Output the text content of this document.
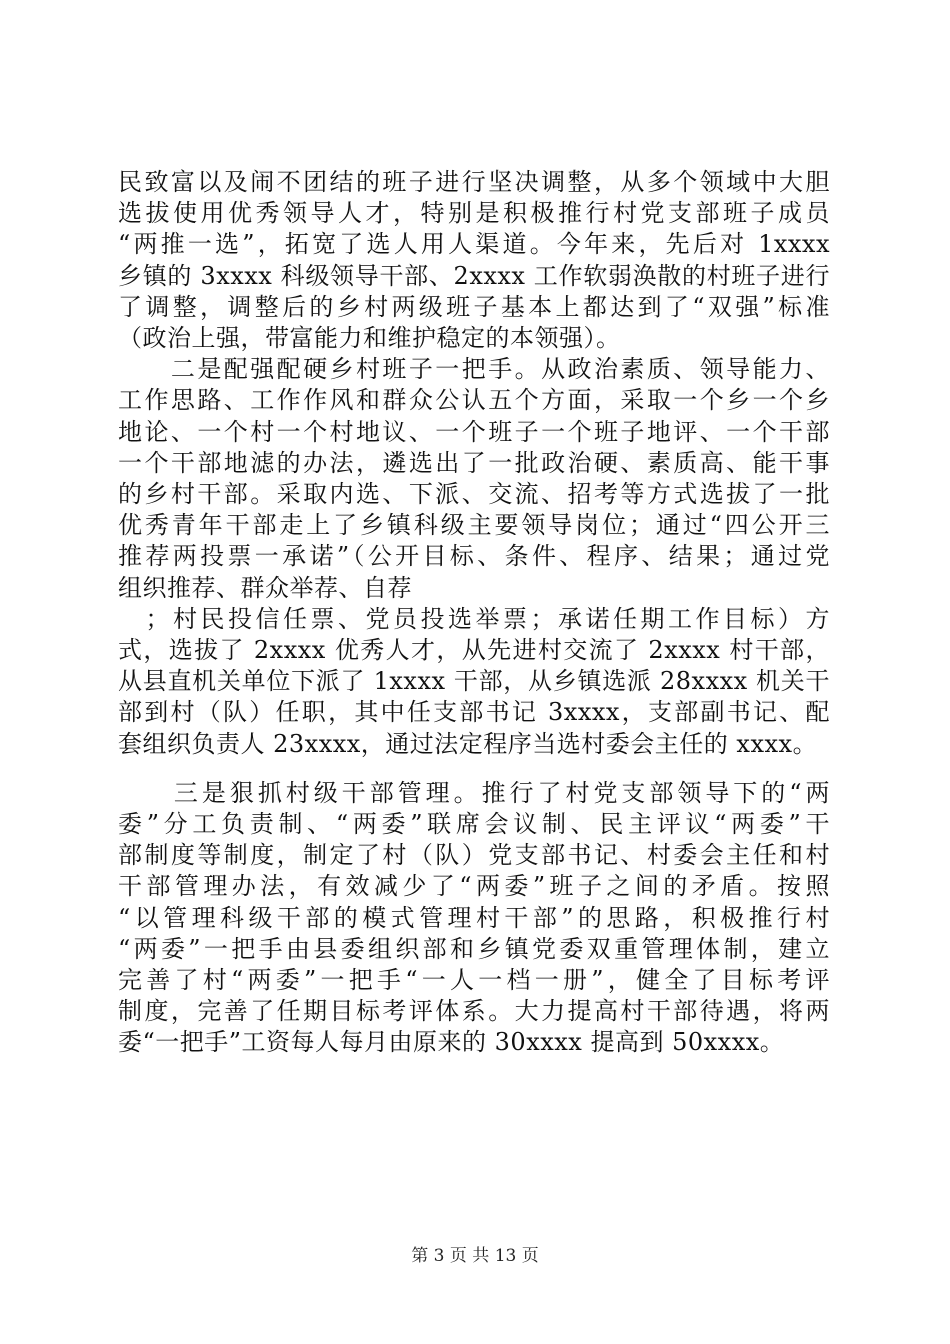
民致富以及闹不团结的班子进行坚决调整，从多个领域中大胆
选拔使用优秀领导人才，特别是积极推行村党支部班子成员
“两推一选”，拓宽了选人用人渠道。今年来，先后对 1xxxx
乡镇的 3xxxx 科级领导干部、2xxxx 工作软弱涣散的村班子进行
了调整，调整后的乡村两级班子基本上都达到了“双强”标准
（政治上强，带富能力和维护稳定的本领强）。
　　二是配强配硬乡村班子一把手。从政治素质、领导能力、
工作思路、工作作风和群众公认五个方面，采取一个乡一个乡
地论、一个村一个村地议、一个班子一个班子地评、一个干部
一个干部地滤的办法，遴选出了一批政治硬、素质高、能干事
的乡村干部。采取内选、下派、交流、招考等方式选拔了一批
优秀青年干部走上了乡镇科级主要领导岗位；通过“四公开三
推荐两投票一承诺”（公开目标、条件、程序、结果；通过党
组织推荐、群众举荐、自荐
　；村民投信任票、党员投选举票；承诺任期工作目标）方
式，选拔了 2xxxx 优秀人才，从先进村交流了 2xxxx 村干部，
从县直机关单位下派了 1xxxx 干部，从乡镇选派 28xxxx 机关干
部到村（队）任职，其中任支部书记 3xxxx，支部副书记、配
套组织负责人 23xxxx，通过法定程序当选村委会主任的 xxxx。
　　三是狠抓村级干部管理。推行了村党支部领导下的“两
委”分工负责制、“两委”联席会议制、民主评议“两委”干
部制度等制度，制定了村（队）党支部书记、村委会主任和村
干部管理办法，有效减少了“两委”班子之间的矛盾。按照
“以管理科级干部的模式管理村干部”的思路，积极推行村
“两委”一把手由县委组织部和乡镇党委双重管理体制，建立
完善了村“两委”一把手“一人一档一册”，健全了目标考评
制度，完善了任期目标考评体系。大力提高村干部待遇，将两
委“一把手”工资每人每月由原来的 30xxxx 提高到 50xxxx。
第 3 页 共 13 页
